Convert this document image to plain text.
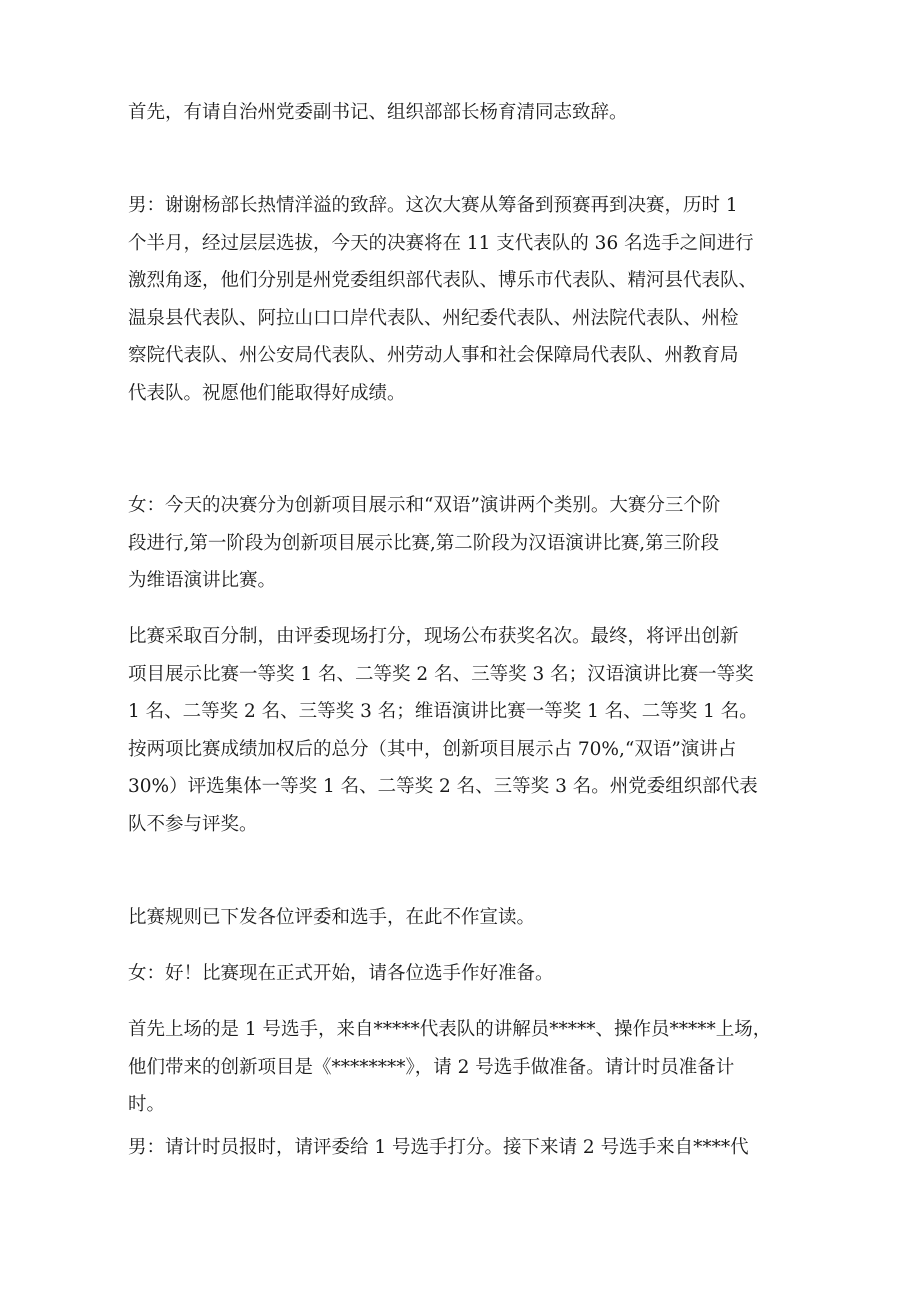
首先，有请自治州党委副书记、组织部部长杨育清同志致辞。
男：谢谢杨部长热情洋溢的致辞。这次大赛从筹备到预赛再到决赛，历时 1
个半月，经过层层选拔，今天的决赛将在 11 支代表队的 36 名选手之间进行
激烈角逐，他们分别是州党委组织部代表队、博乐市代表队、精河县代表队、
温泉县代表队、阿拉山口口岸代表队、州纪委代表队、州法院代表队、州检
察院代表队、州公安局代表队、州劳动人事和社会保障局代表队、州教育局
代表队。祝愿他们能取得好成绩。
女：今天的决赛分为创新项目展示和“双语”演讲两个类别。大赛分三个阶
段进行,第一阶段为创新项目展示比赛,第二阶段为汉语演讲比赛,第三阶段
为维语演讲比赛。
比赛采取百分制，由评委现场打分，现场公布获奖名次。最终，将评出创新
项目展示比赛一等奖 1 名、二等奖 2 名、三等奖 3 名；汉语演讲比赛一等奖
1 名、二等奖 2 名、三等奖 3 名；维语演讲比赛一等奖 1 名、二等奖 1 名。
按两项比赛成绩加权后的总分（其中，创新项目展示占 70%,“双语”演讲占
30%）评选集体一等奖 1 名、二等奖 2 名、三等奖 3 名。州党委组织部代表
队不参与评奖。
比赛规则已下发各位评委和选手，在此不作宣读。
女：好！比赛现在正式开始，请各位选手作好准备。
首先上场的是 1 号选手，来自*****代表队的讲解员*****、操作员*****上场，
他们带来的创新项目是《********》，请 2 号选手做准备。请计时员准备计
时。
男：请计时员报时，请评委给 1 号选手打分。接下来请 2 号选手来自****代
